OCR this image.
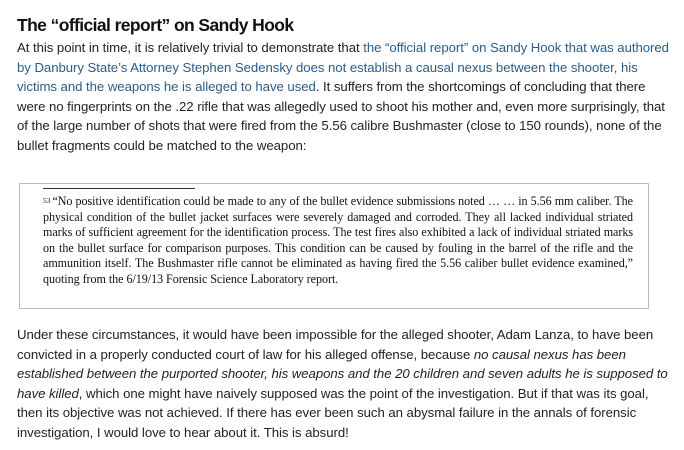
The “official report” on Sandy Hook

At this point in time, it is relatively trivial to demonstrate that the “official report” on Sandy Hook that was authored by Danbury State’s Attorney Stephen Sedensky does not establish a causal nexus between the shooter, his victims and the weapons he is alleged to have used. It suffers from the shortcomings of concluding that there were no fingerprints on the .22 rifle that was allegedly used to shoot his mother and, even more surprisingly, that of the large number of shots that were fired from the 5.56 calibre Bushmaster (close to 150 rounds), none of the bullet fragments could be matched to the weapon:

Under these circumstances, it would have been impossible for the alleged shooter, Adam Lanza, to have been convicted in a properly conducted court of law for his alleged offense, because no causal nexus has been established between the purported shooter, his weapons and the 20 children and seven adults he is supposed to have killed, which one might have naively supposed was the point of the investigation. But if that was its goal, then its objective was not achieved. If there has ever been such an abysmal failure in the annals of forensic investigation, I would love to hear about it. This is absurd!

$^{53}$ “No positive identification could be made to any of the bullet evidence submissions noted … … in 5.56 mm caliber. The physical condition of the bullet jacket surfaces were severely damaged and corroded. They all lacked individual striated marks of sufficient agreement for the identification process. The test fires also exhibited a lack of individual striated marks on the bullet surface for comparison purposes. This condition can be caused by fouling in the barrel of the rifle and the ammunition itself. The Bushmaster rifle cannot be eliminated as having fired the 5.56 caliber bullet evidence examined,” quoting from the 6/19/13 Forensic Science Laboratory report.
